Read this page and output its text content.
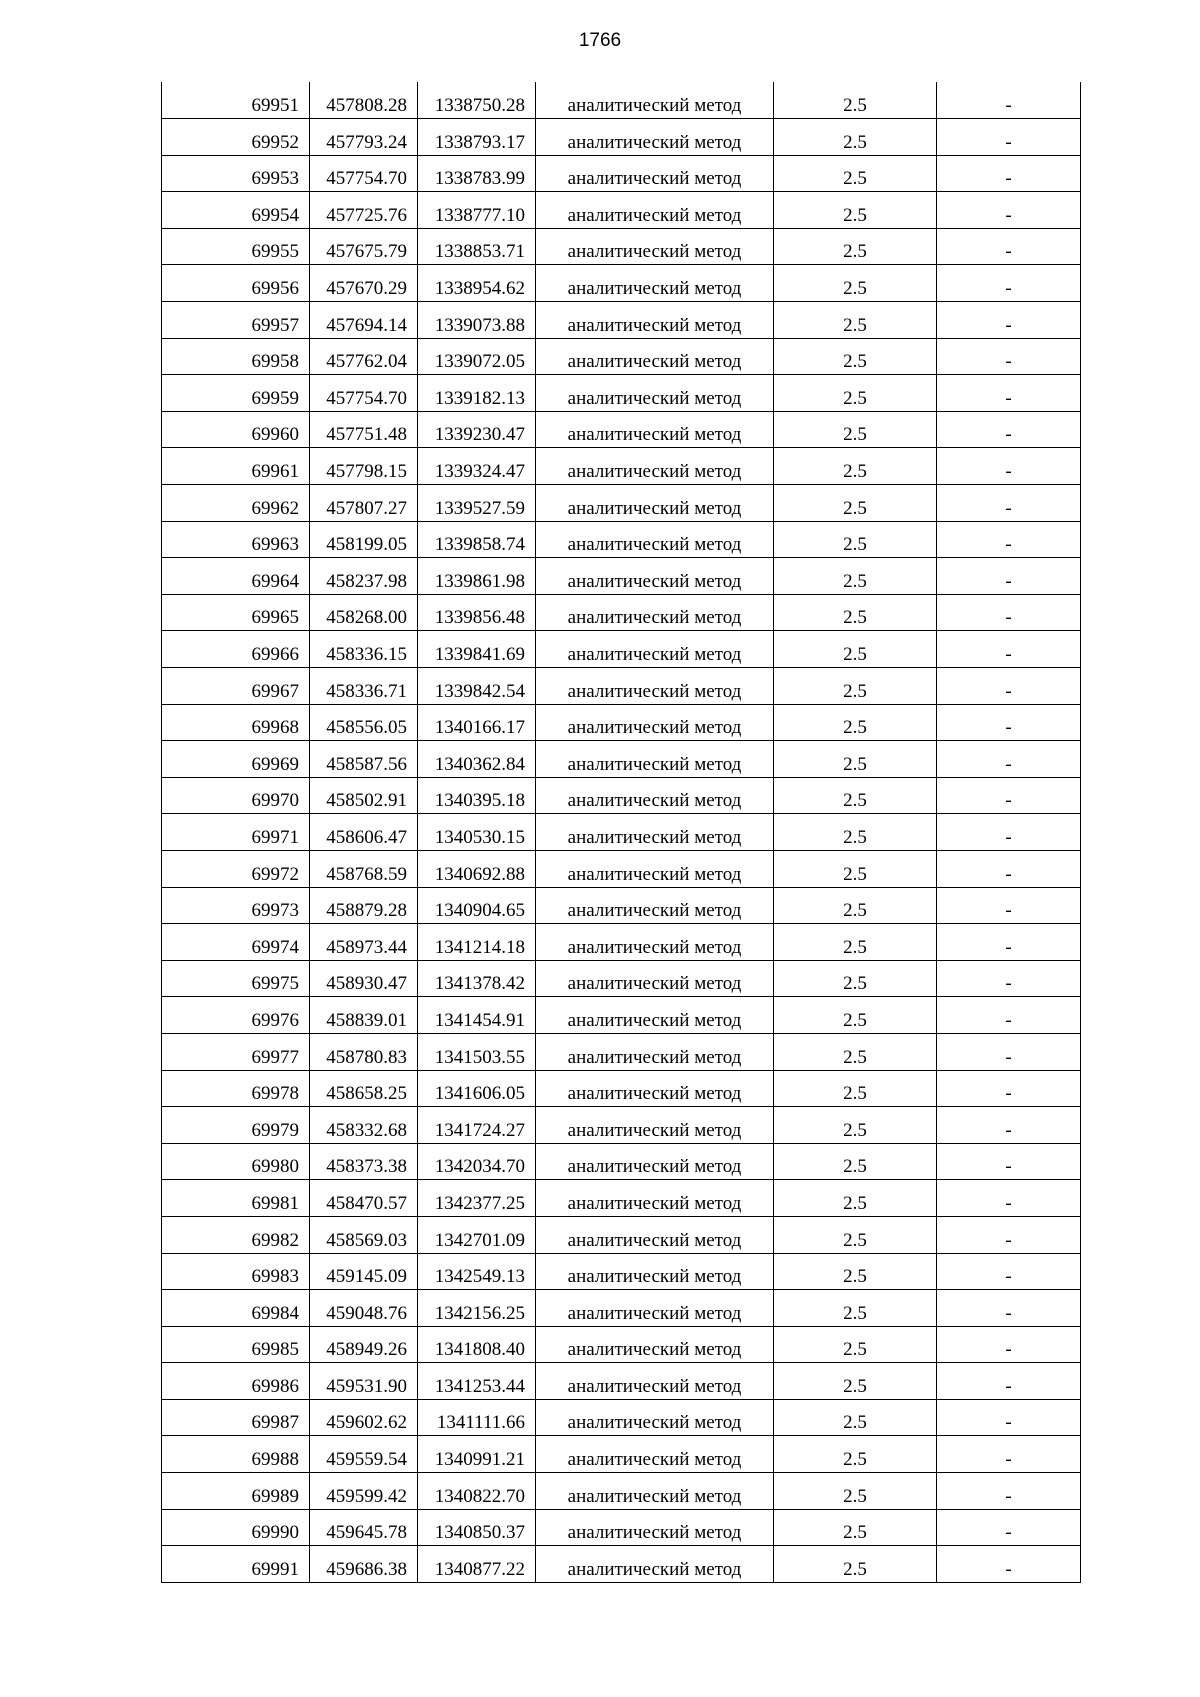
1766
69951	457808.28	1338750.28	аналитический метод	2.5	-
69952	457793.24	1338793.17	аналитический метод	2.5	-
69953	457754.70	1338783.99	аналитический метод	2.5	-
69954	457725.76	1338777.10	аналитический метод	2.5	-
69955	457675.79	1338853.71	аналитический метод	2.5	-
69956	457670.29	1338954.62	аналитический метод	2.5	-
69957	457694.14	1339073.88	аналитический метод	2.5	-
69958	457762.04	1339072.05	аналитический метод	2.5	-
69959	457754.70	1339182.13	аналитический метод	2.5	-
69960	457751.48	1339230.47	аналитический метод	2.5	-
69961	457798.15	1339324.47	аналитический метод	2.5	-
69962	457807.27	1339527.59	аналитический метод	2.5	-
69963	458199.05	1339858.74	аналитический метод	2.5	-
69964	458237.98	1339861.98	аналитический метод	2.5	-
69965	458268.00	1339856.48	аналитический метод	2.5	-
69966	458336.15	1339841.69	аналитический метод	2.5	-
69967	458336.71	1339842.54	аналитический метод	2.5	-
69968	458556.05	1340166.17	аналитический метод	2.5	-
69969	458587.56	1340362.84	аналитический метод	2.5	-
69970	458502.91	1340395.18	аналитический метод	2.5	-
69971	458606.47	1340530.15	аналитический метод	2.5	-
69972	458768.59	1340692.88	аналитический метод	2.5	-
69973	458879.28	1340904.65	аналитический метод	2.5	-
69974	458973.44	1341214.18	аналитический метод	2.5	-
69975	458930.47	1341378.42	аналитический метод	2.5	-
69976	458839.01	1341454.91	аналитический метод	2.5	-
69977	458780.83	1341503.55	аналитический метод	2.5	-
69978	458658.25	1341606.05	аналитический метод	2.5	-
69979	458332.68	1341724.27	аналитический метод	2.5	-
69980	458373.38	1342034.70	аналитический метод	2.5	-
69981	458470.57	1342377.25	аналитический метод	2.5	-
69982	458569.03	1342701.09	аналитический метод	2.5	-
69983	459145.09	1342549.13	аналитический метод	2.5	-
69984	459048.76	1342156.25	аналитический метод	2.5	-
69985	458949.26	1341808.40	аналитический метод	2.5	-
69986	459531.90	1341253.44	аналитический метод	2.5	-
69987	459602.62	1341111.66	аналитический метод	2.5	-
69988	459559.54	1340991.21	аналитический метод	2.5	-
69989	459599.42	1340822.70	аналитический метод	2.5	-
69990	459645.78	1340850.37	аналитический метод	2.5	-
69991	459686.38	1340877.22	аналитический метод	2.5	-
